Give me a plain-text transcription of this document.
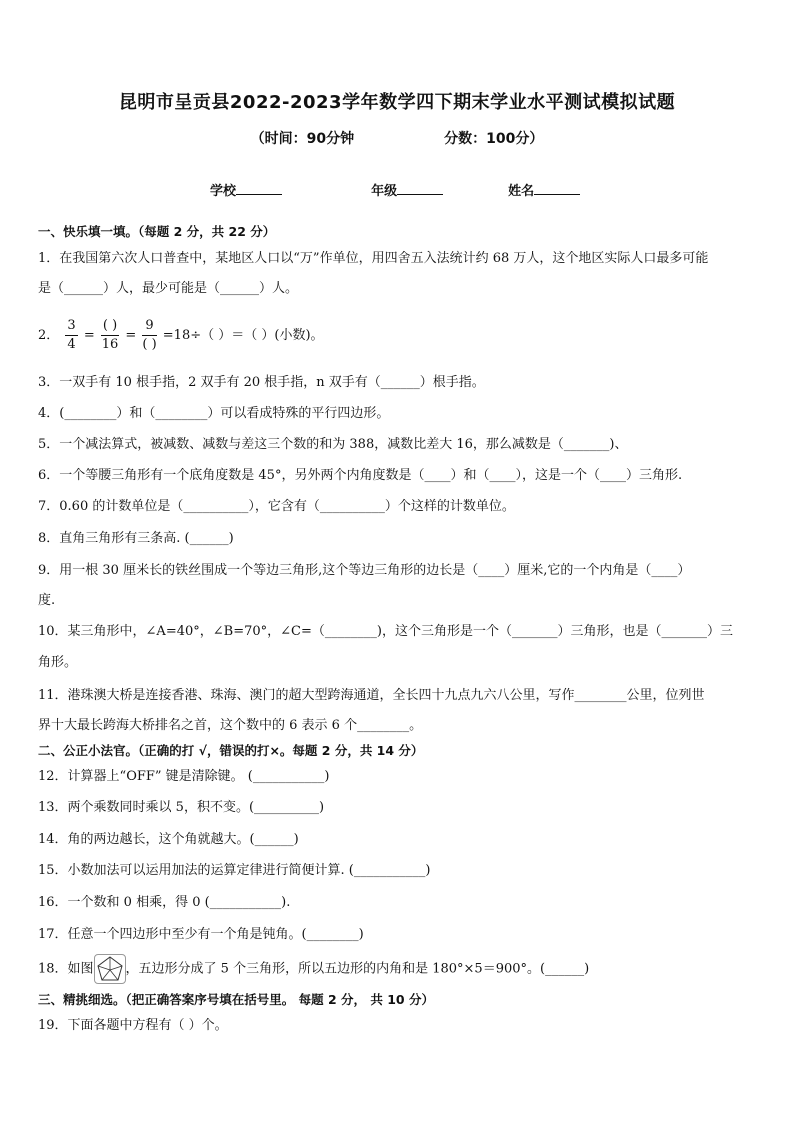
昆明市呈贡县2022-2023学年数学四下期末学业水平测试模拟试题
（时间：90分钟	分数：100分）
学校	年级	姓名
一、快乐填一填。（每题 2 分，共 22 分）
1．在我国第六次人口普查中，某地区人口以“万”作单位，用四舍五入法统计约 68 万人，这个地区实际人口最多可能
是（______）人，最少可能是（______）人。
2． $\frac{3}{4} = \frac{( )}{16} = \frac{9}{( )} =18\div$（ ）＝（ ）(小数)。
3．一双手有 10 根手指，2 双手有 20 根手指，n 双手有（______）根手指。
4．(________）和（________）可以看成特殊的平行四边形。
5．一个减法算式，被减数、减数与差这三个数的和为 388，减数比差大 16，那么减数是（_______)、
6．一个等腰三角形有一个底角度数是 45°，另外两个内角度数是（____）和（____），这是一个（____）三角形.
7．0.60 的计数单位是（__________），它含有（__________）个这样的计数单位。
8．直角三角形有三条高. (______)
9．用一根 30 厘米长的铁丝围成一个等边三角形,这个等边三角形的边长是（____）厘米,它的一个内角是（____）
度.
10．某三角形中，∠A=40°，∠B=70°，∠C=（________)，这个三角形是一个（_______）三角形，也是（_______）三
角形。
11．港珠澳大桥是连接香港、珠海、澳门的超大型跨海通道，全长四十九点九六八公里，写作________公里，位列世
界十大最长跨海大桥排名之首，这个数中的 6 表示 6 个________。
二、公正小法官。（正确的打 √，错误的打×。每题 2 分，共 14 分）
12．计算器上“OFF” 键是清除键。 (___________)
13．两个乘数同时乘以 5，积不变。(__________)
14．角的两边越长，这个角就越大。(______)
15．小数加法可以运用加法的运算定律进行简便计算. (___________)
16．一个数和 0 相乘，得 0 (___________).
17．任意一个四边形中至少有一个角是钝角。(________)
18．如图 ，五边形分成了 5 个三角形，所以五边形的内角和是 180°×5＝900°。(______)
三、精挑细选。（把正确答案序号填在括号里。 每题 2 分， 共 10 分）
19．下面各题中方程有（ ）个。
